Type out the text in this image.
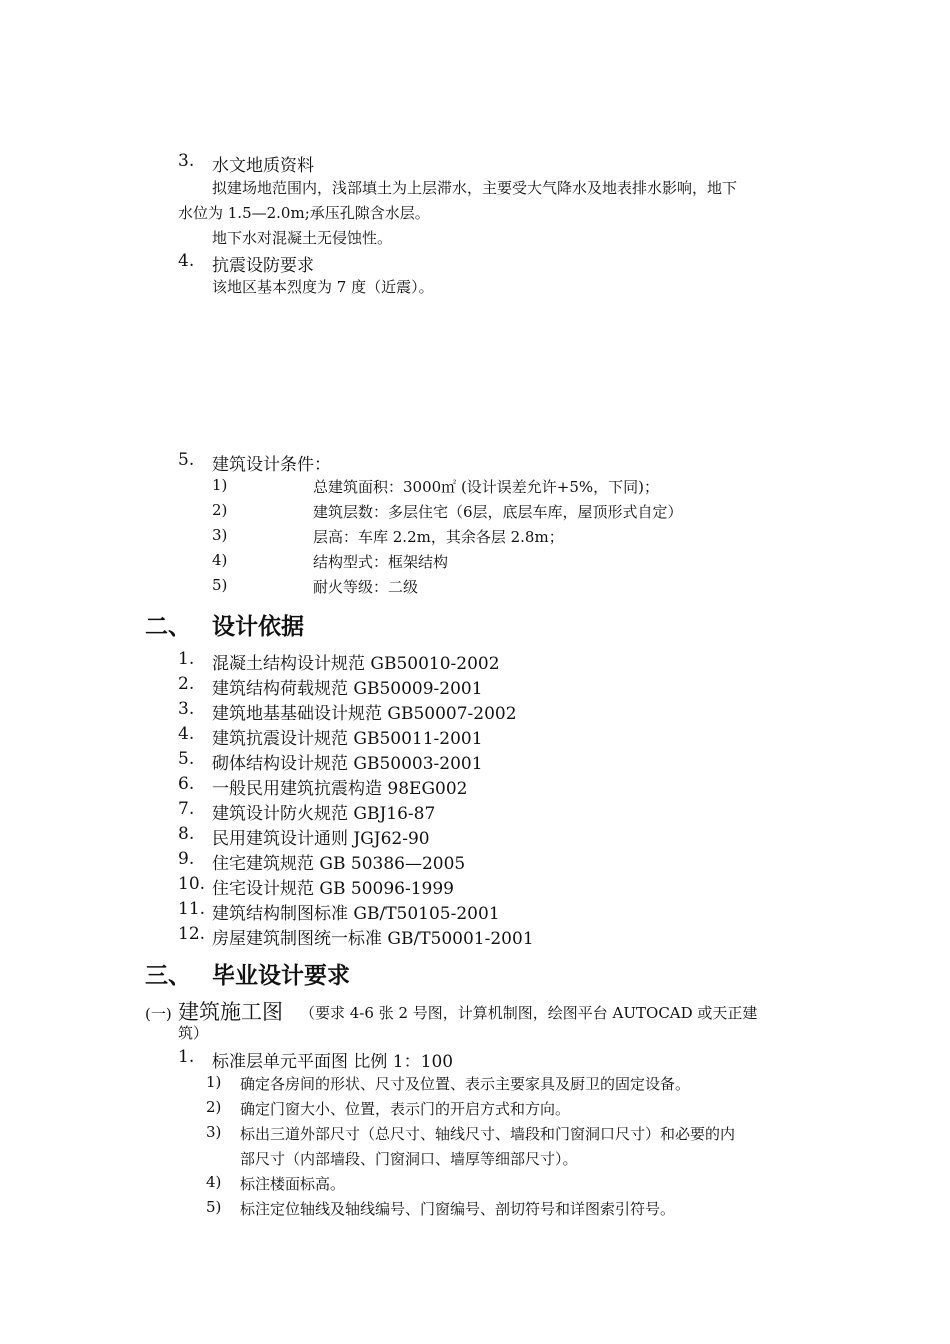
3. 水文地质资料
拟建场地范围内，浅部填土为上层滞水，主要受大气降水及地表排水影响，地下
水位为 1.5—2.0m;承压孔隙含水层。
地下水对混凝土无侵蚀性。
4. 抗震设防要求
该地区基本烈度为 7 度（近震）。
5. 建筑设计条件：
1)	总建筑面积：3000㎡ (设计误差允许+5%，下同)；
2)	建筑层数：多层住宅（6层，底层车库，屋顶形式自定）
3)	层高：车库 2.2m，其余各层 2.8m；
4)	结构型式：框架结构
5)	耐火等级：二级
二、 设计依据
1. 混凝土结构设计规范 GB50010-2002
2. 建筑结构荷载规范 GB50009-2001
3. 建筑地基基础设计规范 GB50007-2002
4. 建筑抗震设计规范 GB50011-2001
5. 砌体结构设计规范 GB50003-2001
6. 一般民用建筑抗震构造 98EG002
7. 建筑设计防火规范 GBJ16-87
8. 民用建筑设计通则 JGJ62-90
9. 住宅建筑规范 GB 50386—2005
10. 住宅设计规范 GB 50096-1999
11. 建筑结构制图标准 GB/T50105-2001
12. 房屋建筑制图统一标准 GB/T50001-2001
三、 毕业设计要求
(一) 建筑施工图 （要求 4-6 张 2 号图，计算机制图，绘图平台 AUTOCAD 或天正建
筑）
1. 标准层单元平面图 比例 1：100
1) 确定各房间的形状、尺寸及位置、表示主要家具及厨卫的固定设备。
2) 确定门窗大小、位置，表示门的开启方式和方向。
3) 标出三道外部尺寸（总尺寸、轴线尺寸、墙段和门窗洞口尺寸）和必要的内
部尺寸（内部墙段、门窗洞口、墙厚等细部尺寸）。
4) 标注楼面标高。
5) 标注定位轴线及轴线编号、门窗编号、剖切符号和详图索引符号。
